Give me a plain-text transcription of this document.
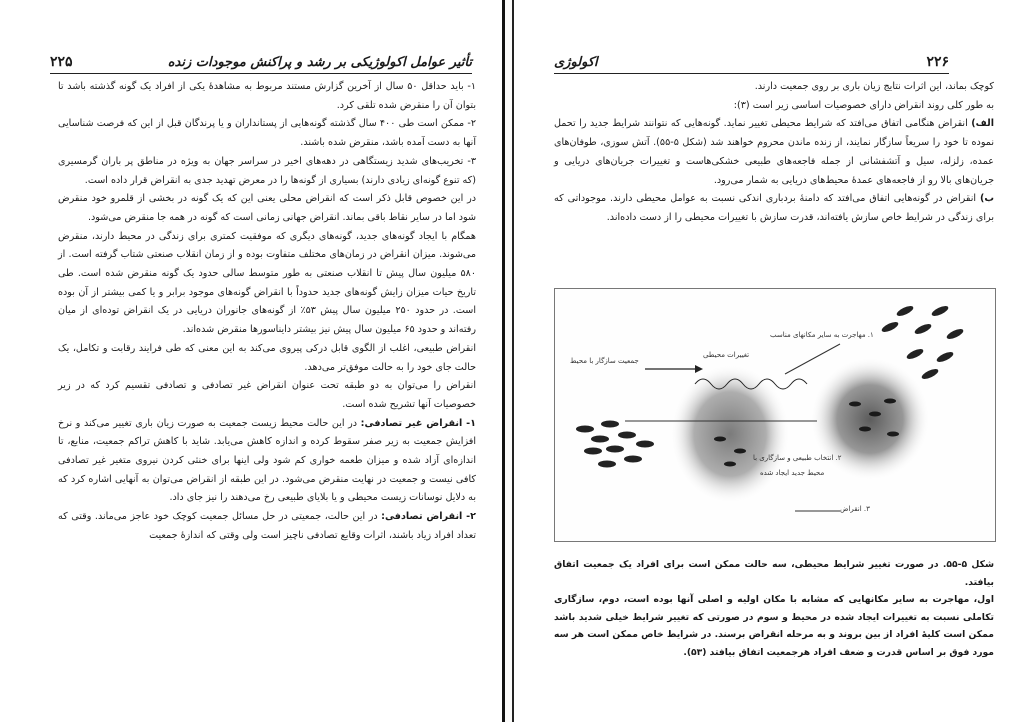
۲۲۵	تأثیر عوامل اکولوژیکی بر رشد و پراکنش موجودات زنده

۱- باید حداقل ۵۰ سال از آخرین گزارش مستند مربوط به مشاهدهٔ یکی از افراد یک گونه گذشته باشد تا بتوان آن را منقرض شده تلقی کرد.

۲- ممکن است طی ۴۰۰ سال گذشته گونه‌هایی از پستانداران و یا پرندگان قبل از این که فرصت شناسایی آنها به دست آمده باشد، منقرض شده باشند.

۳- تخریب‌های شدید زیستگاهی در دهه‌های اخیر در سراسر جهان به ویژه در مناطق پر باران گرمسیری (که تنوع گونه‌ای زیادی دارند) بسیاری از گونه‌ها را در معرض تهدید جدی به انقراض قرار داده است.

در این خصوص قابل ذکر است که انقراض محلی یعنی این که یک گونه در بخشی از قلمرو خود منقرض شود اما در سایر نقاط باقی بماند. انقراض جهانی زمانی است که گونه در همه جا منقرض می‌شود.

همگام با ایجاد گونه‌های جدید، گونه‌های دیگری که موفقیت کمتری برای زندگی در محیط دارند، منقرض می‌شوند. میزان انقراض در زمان‌های مختلف متفاوت بوده و از زمان انقلاب صنعتی شتاب گرفته است. از ۵۸۰ میلیون سال پیش تا انقلاب صنعتی به طور متوسط سالی حدود یک گونه منقرض شده است. طی تاریخ حیات میزان زایش گونه‌های جدید حدوداً با انقراض گونه‌های موجود برابر و یا کمی بیشتر از آن بوده است. در حدود ۲۵۰ میلیون سال پیش ۵۳٪ از گونه‌های جانوران دریایی در یک انقراض توده‌ای از میان رفته‌اند و حدود ۶۵ میلیون سال پیش نیز بیشتر دایناسورها منقرض شده‌اند.

انقراض طبیعی، اغلب از الگوی قابل درکی پیروی می‌کند به این معنی که طی فرایند رقابت و تکامل، یک حالت جای خود را به حالت موفق‌تر می‌دهد.

انقراض را می‌توان به دو طبقه تحت عنوان انقراض غیر تصادفی و تصادفی تقسیم کرد که در زیر خصوصیات آنها تشریح شده است.

۱- انقراض غیر تصادفی: در این حالت محیط زیست جمعیت به صورت زیان باری تغییر می‌کند و نرخ افزایش جمعیت به زیر صفر سقوط کرده و اندازه کاهش می‌یابد. شاید با کاهش تراکم جمعیت، منابع، تا اندازه‌ای آزاد شده و میزان طعمه خواری کم شود ولی اینها برای خنثی کردن نیروی متغیر غیر تصادفی کافی نیست و جمعیت در نهایت منقرض می‌شود. در این طبقه از انقراض می‌توان به آنهایی اشاره کرد که به دلایل نوسانات زیست محیطی و یا بلایای طبیعی رخ می‌دهند را نیز جای داد.

۲- انقراض تصادفی: در این حالت، جمعیتی در حل مسائل جمعیت کوچک خود عاجز می‌ماند. وقتی که تعداد افراد زیاد باشند، اثرات وقایع تصادفی ناچیز است ولی وقتی که اندازهٔ جمعیت

اکولوژی	۲۲۶

کوچک بماند، این اثرات نتایج زیان باری بر روی جمعیت دارند.

به طور کلی روند انقراض دارای خصوصیات اساسی زیر است (۳):

الف) انقراض هنگامی اتفاق می‌افتد که شرایط محیطی تغییر نماید. گونه‌هایی که نتوانند شرایط جدید را تحمل نموده تا خود را سریعاً سازگار نمایند، از زنده ماندن محروم خواهند شد (شکل ۵-۵۵). آتش سوزی، طوفان‌های عمده، زلزله، سیل و آتشفشانی از جمله فاجعه‌های طبیعی خشکی‌هاست و تغییرات جریان‌های دریایی و جریان‌های بالا رو از فاجعه‌های عمدهٔ محیط‌های دریایی به شمار می‌رود.

ب) انقراض در گونه‌هایی اتفاق می‌افتد که دامنهٔ بردباری اندکی نسبت به عوامل محیطی دارند. موجوداتی که برای زندگی در شرایط خاص سازش یافته‌اند، قدرت سازش با تغییرات محیطی را از دست داده‌اند.

جمعیت سازگار با محیط
تغییرات محیطی
۱. مهاجرت به سایر مکانهای مناسب
۲. انتخاب طبیعی و سازگاری با
محیط جدید ایجاد شده
۳. انقراض

شکل ۵-۵۵. در صورت تغییر شرایط محیطی، سه حالت ممکن است برای افراد یک جمعیت اتفاق بیافتد.

اول، مهاجرت به سایر مکانهایی که مشابه با مکان اولیه و اصلی آنها بوده است، دوم، سازگاری تکاملی نسبت به تغییرات ایجاد شده در محیط و سوم در صورتی که تغییر شرایط خیلی شدید باشد ممکن است کلیهٔ افراد از بین بروند و به مرحله انقراض برسند. در شرایط خاص ممکن است هر سه مورد فوق بر اساس قدرت و ضعف افراد هرجمعیت اتفاق بیافتد (۵۳).
